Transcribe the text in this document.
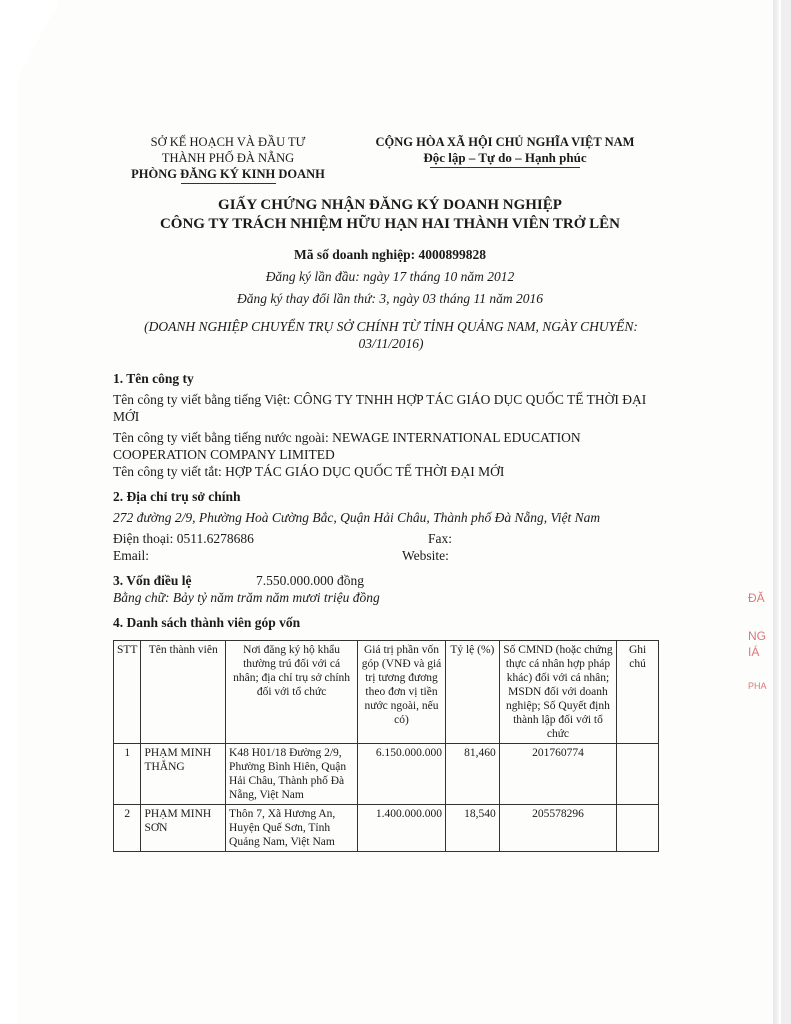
ĐĂ
NG
IÁ
PHA
SỞ KẾ HOẠCH VÀ ĐẦU TƯ
THÀNH PHỐ ĐÀ NẴNG
PHÒNG ĐĂNG KÝ KINH DOANH
CỘNG HÒA XÃ HỘI CHỦ NGHĨA VIỆT NAM
Độc lập – Tự do – Hạnh phúc
GIẤY CHỨNG NHẬN ĐĂNG KÝ DOANH NGHIỆP
CÔNG TY TRÁCH NHIỆM HỮU HẠN HAI THÀNH VIÊN TRỞ LÊN
Mã số doanh nghiệp: 4000899828
Đăng ký lần đầu: ngày 17 tháng 10 năm 2012
Đăng ký thay đổi lần thứ: 3, ngày 03 tháng 11 năm 2016
(DOANH NGHIỆP CHUYỂN TRỤ SỞ CHÍNH TỪ TỈNH QUẢNG NAM, NGÀY CHUYỂN: 03/11/2016)
1. Tên công ty

Tên công ty viết bằng tiếng Việt: CÔNG TY TNHH HỢP TÁC GIÁO DỤC QUỐC TẾ THỜI ĐẠI MỚI

Tên công ty viết bằng tiếng nước ngoài: NEWAGE INTERNATIONAL EDUCATION COOPERATION COMPANY LIMITED

Tên công ty viết tắt: HỢP TÁC GIÁO DỤC QUỐC TẾ THỜI ĐẠI MỚI

2. Địa chỉ trụ sở chính

272 đường 2/9, Phường Hoà Cường Bắc, Quận Hải Châu, Thành phố Đà Nẵng, Việt Nam

Điện thoại: 0511.6278686	Fax:
Email:	Website:
3. Vốn điều lệ	7.550.000.000 đồng

Bằng chữ: Bảy tỷ năm trăm năm mươi triệu đồng

4. Danh sách thành viên góp vốn
STT	Tên thành viên	Nơi đăng ký hộ khẩu thường trú đối với cá nhân; địa chỉ trụ sở chính đối với tổ chức	Giá trị phần vốn góp (VNĐ và giá trị tương đương theo đơn vị tiền nước ngoài, nếu có)	Tỷ lệ (%)	Số CMND (hoặc chứng thực cá nhân hợp pháp khác) đối với cá nhân; MSDN đối với doanh nghiệp; Số Quyết định thành lập đối với tổ chức	Ghi chú
1	PHẠM MINH THẮNG	K48 H01/18 Đường 2/9, Phường Bình Hiên, Quận Hải Châu, Thành phố Đà Nẵng, Việt Nam	6.150.000.000	81,460	201760774	
2	PHẠM MINH SƠN	Thôn 7, Xã Hương An, Huyện Quế Sơn, Tỉnh Quảng Nam, Việt Nam	1.400.000.000	18,540	205578296	
